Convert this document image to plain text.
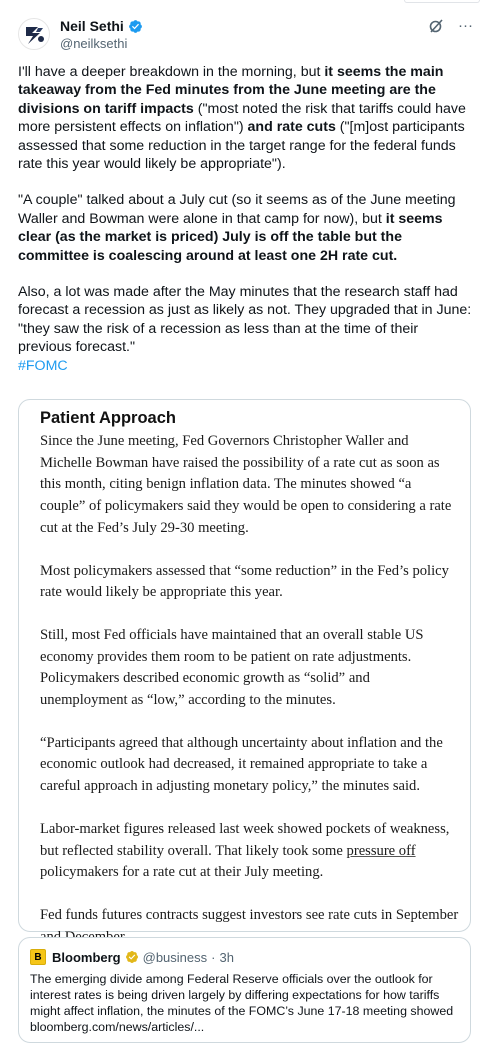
Neil Sethi
@neilksethi
···

I'll have a deeper breakdown in the morning, but it seems the main takeaway from the Fed minutes from the June meeting are the divisions on tariff impacts ("most noted the risk that tariffs could have more persistent effects on inflation") and rate cuts ("[m]ost participants assessed that some reduction in the target range for the federal funds rate this year would likely be appropriate").

"A couple" talked about a July cut (so it seems as of the June meeting Waller and Bowman were alone in that camp for now), but it seems clear (as the market is priced) July is off the table but the committee is coalescing around at least one 2H rate cut.

Also, a lot was made after the May minutes that the research staff had forecast a recession as just as likely as not. They upgraded that in June: "they saw the risk of a recession as less than at the time of their previous forecast."
#FOMC

Patient Approach

Since the June meeting, Fed Governors Christopher Waller and Michelle Bowman have raised the possibility of a rate cut as soon as this month, citing benign inflation data. The minutes showed “a couple” of policymakers said they would be open to considering a rate cut at the Fed’s July 29-30 meeting.

Most policymakers assessed that “some reduction” in the Fed’s policy rate would likely be appropriate this year.

Still, most Fed officials have maintained that an overall stable US economy provides them room to be patient on rate adjustments. Policymakers described economic growth as “solid” and unemployment as “low,” according to the minutes.

“Participants agreed that although uncertainty about inflation and the economic outlook had decreased, it remained appropriate to take a careful approach in adjusting monetary policy,” the minutes said.

Labor-market figures released last week showed pockets of weakness, but reflected stability overall. That likely took some pressure off policymakers for a rate cut at their July meeting.

Fed funds futures contracts suggest investors see rate cuts in September

B Bloomberg @business · 3h
The emerging divide among Federal Reserve officials over the outlook for interest rates is being driven largely by differing expectations for how tariffs might affect inflation, the minutes of the FOMC’s June 17-18 meeting showed bloomberg.com/news/articles/...
